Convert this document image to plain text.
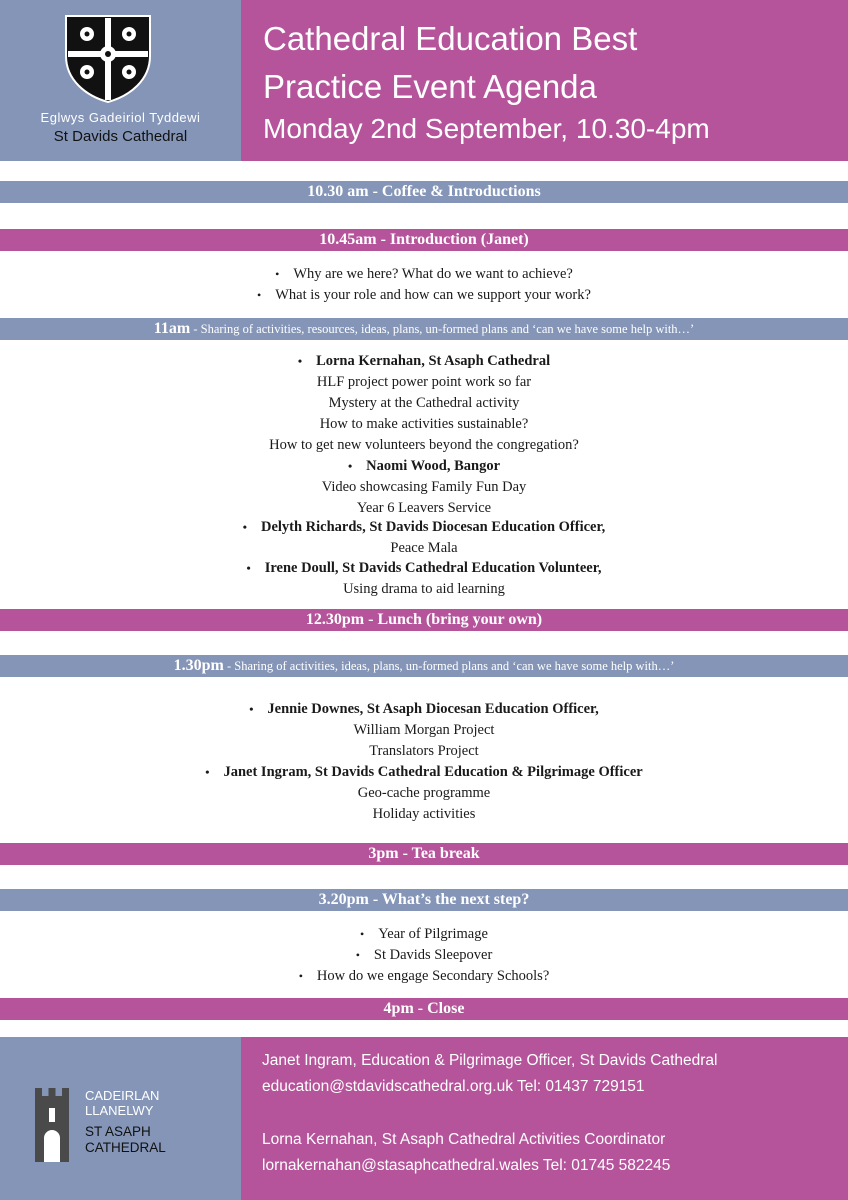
Eglwys Gadeiriol Tyddewi
St Davids Cathedral
Cathedral Education Best
Practice Event Agenda
Monday 2nd September, 10.30-4pm
10.30 am - Coffee & Introductions
10.45am - Introduction (Janet)
• Why are we here? What do we want to achieve?
• What is your role and how can we support your work?
11am - Sharing of activities, resources, ideas, plans, un-formed plans and ‘can we have some help with…’
• Lorna Kernahan, St Asaph Cathedral
HLF project power point work so far
Mystery at the Cathedral activity
How to make activities sustainable?
How to get new volunteers beyond the congregation?
• Naomi Wood, Bangor
Video showcasing Family Fun Day
Year 6 Leavers Service
• Delyth Richards, St Davids Diocesan Education Officer,
Peace Mala
• Irene Doull, St Davids Cathedral Education Volunteer,
Using drama to aid learning
12.30pm - Lunch (bring your own)
1.30pm - Sharing of activities, ideas, plans, un-formed plans and ‘can we have some help with…’
• Jennie Downes, St Asaph Diocesan Education Officer,
William Morgan Project
Translators Project
• Janet Ingram, St Davids Cathedral Education & Pilgrimage Officer
Geo-cache programme
Holiday activities
3pm - Tea break
3.20pm - What’s the next step?
• Year of Pilgrimage
• St Davids Sleepover
• How do we engage Secondary Schools?
4pm - Close
CADEIRLAN
LLANELWY
ST ASAPH
CATHEDRAL
Janet Ingram, Education & Pilgrimage Officer, St Davids Cathedral
education@stdavidscathedral.org.uk Tel: 01437 729151
Lorna Kernahan, St Asaph Cathedral Activities Coordinator
lornakernahan@stasaphcathedral.wales Tel: 01745 582245
